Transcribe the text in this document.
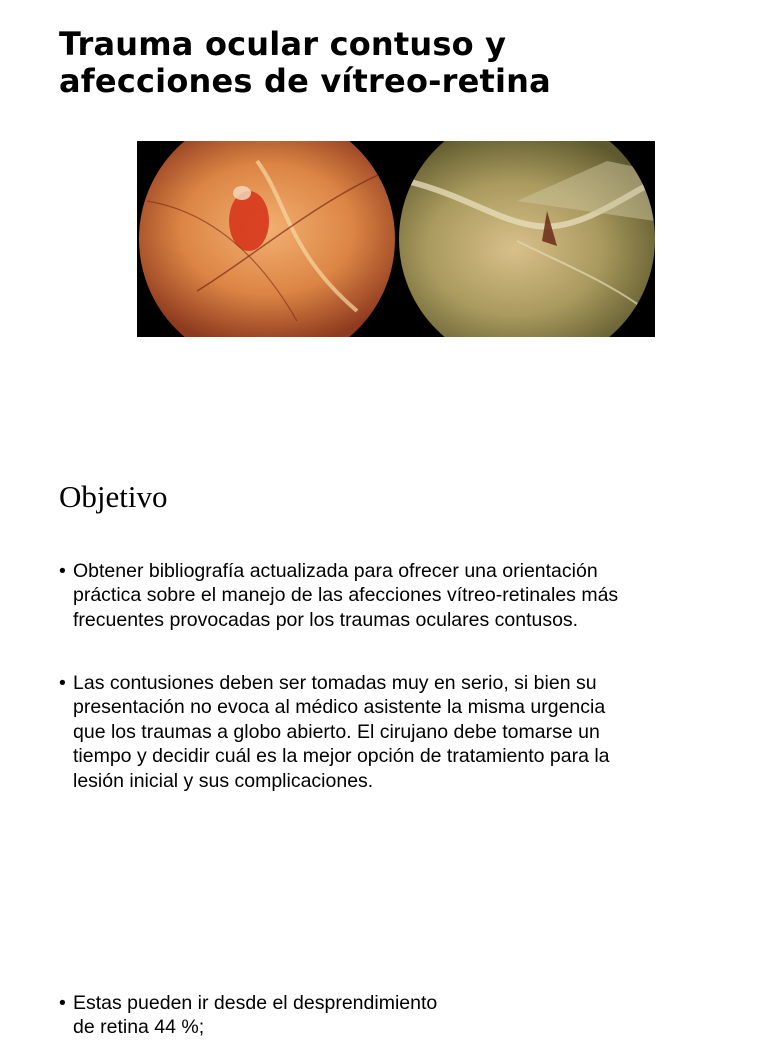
Trauma ocular contuso y
afecciones de vítreo-retina
Objetivo
• Obtener bibliografía actualizada para ofrecer una orientación
práctica sobre el manejo de las afecciones vítreo-retinales más
frecuentes provocadas por los traumas oculares contusos.
• Las contusiones deben ser tomadas muy en serio, si bien su
presentación no evoca al médico asistente la misma urgencia
que los traumas a globo abierto. El cirujano debe tomarse un
tiempo y decidir cuál es la mejor opción de tratamiento para la
lesión inicial y sus complicaciones.
• Estas pueden ir desde el desprendimiento
de retina 44 %;
